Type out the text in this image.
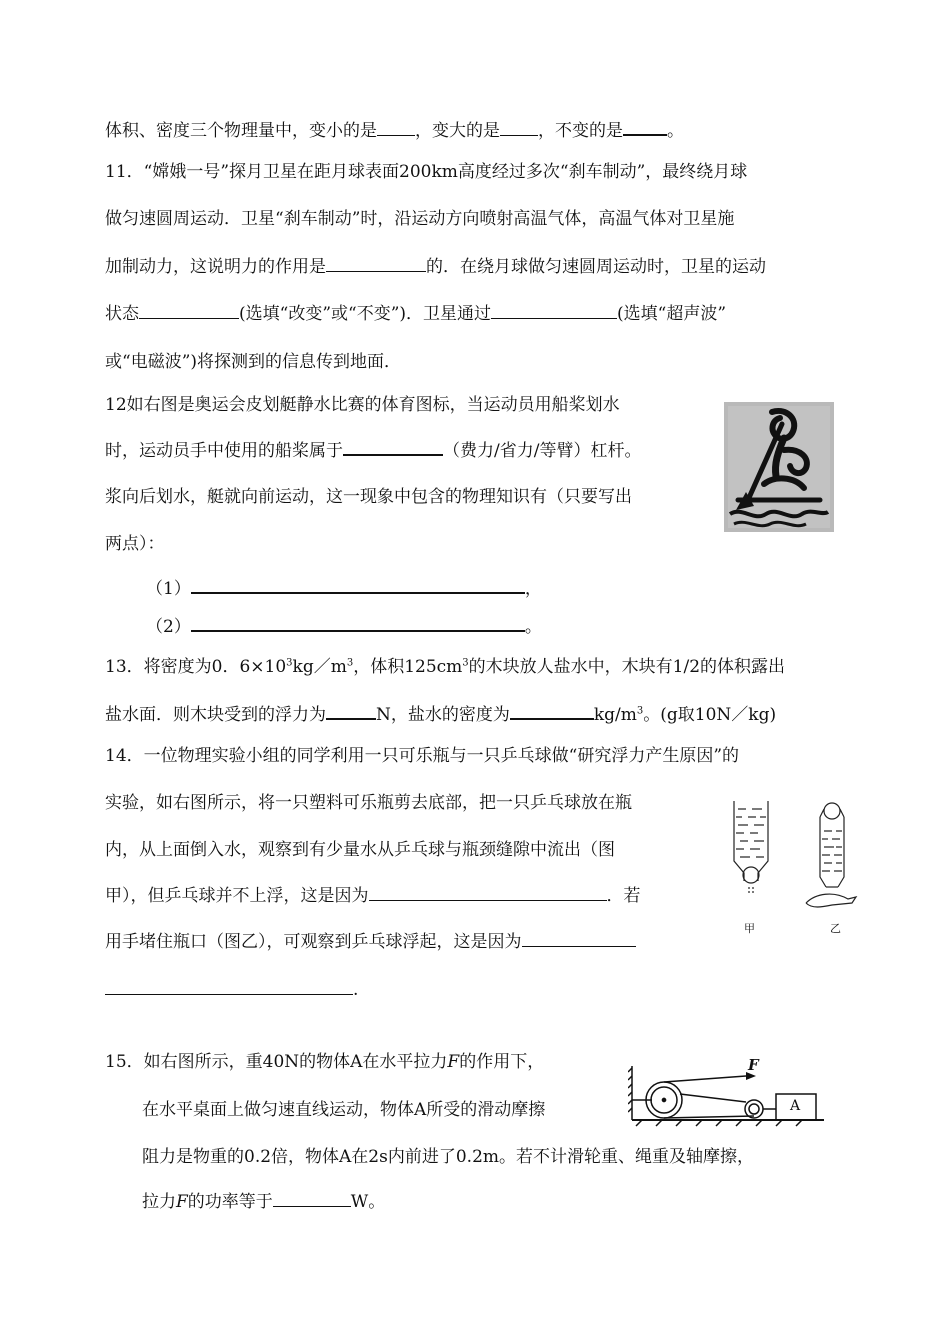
体积、密度三个物理量中，变小的是 ，变大的是 ，不变的是	。
11．“嫦娥一号”探月卫星在距月球表面200km高度经过多次“刹车制动”，最终绕月球
做匀速圆周运动．卫星“刹车制动”时，沿运动方向喷射高温气体，高温气体对卫星施
加制动力，这说明力的作用是	的．在绕月球做匀速圆周运动时，卫星的运动
状态	(选填“改变”或“不变”)．卫星通过	(选填“超声波”
或“电磁波”)将探测到的信息传到地面．
12如右图是奥运会皮划艇静水比赛的体育图标，当运动员用船桨划水
时，运动员手中使用的船桨属于	（费力/省力/等臂）杠杆。
浆向后划水，艇就向前运动，这一现象中包含的物理知识有（只要写出
两点）：
（1）	，
（2）	。
13．将密度为0．$6\times 10^3kg/m^3$，体积$125cm^3$的木块放人盐水中，木块有1/2的体积露出
盐水面．则木块受到的浮力为	N，盐水的密度为	$kg/m^3$。(g取10N／kg)
14．一位物理实验小组的同学利用一只可乐瓶与一只乒乓球做“研究浮力产生原因”的
实验，如右图所示，将一只塑料可乐瓶剪去底部，把一只乒乓球放在瓶
内，从上面倒入水，观察到有少量水从乒乓球与瓶颈缝隙中流出（图
甲），但乒乓球并不上浮，这是因为	．若
用手堵住瓶口（图乙），可观察到乒乓球浮起，这是因为
.
甲	乙
15．如右图所示，重40N的物体A在水平拉力F的作用下，
在水平桌面上做匀速直线运动，物体A所受的滑动摩擦
阻力是物重的0.2倍，物体A在2s内前进了0.2m。若不计滑轮重、绳重及轴摩擦，
拉力F的功率等于	W。
F
A
